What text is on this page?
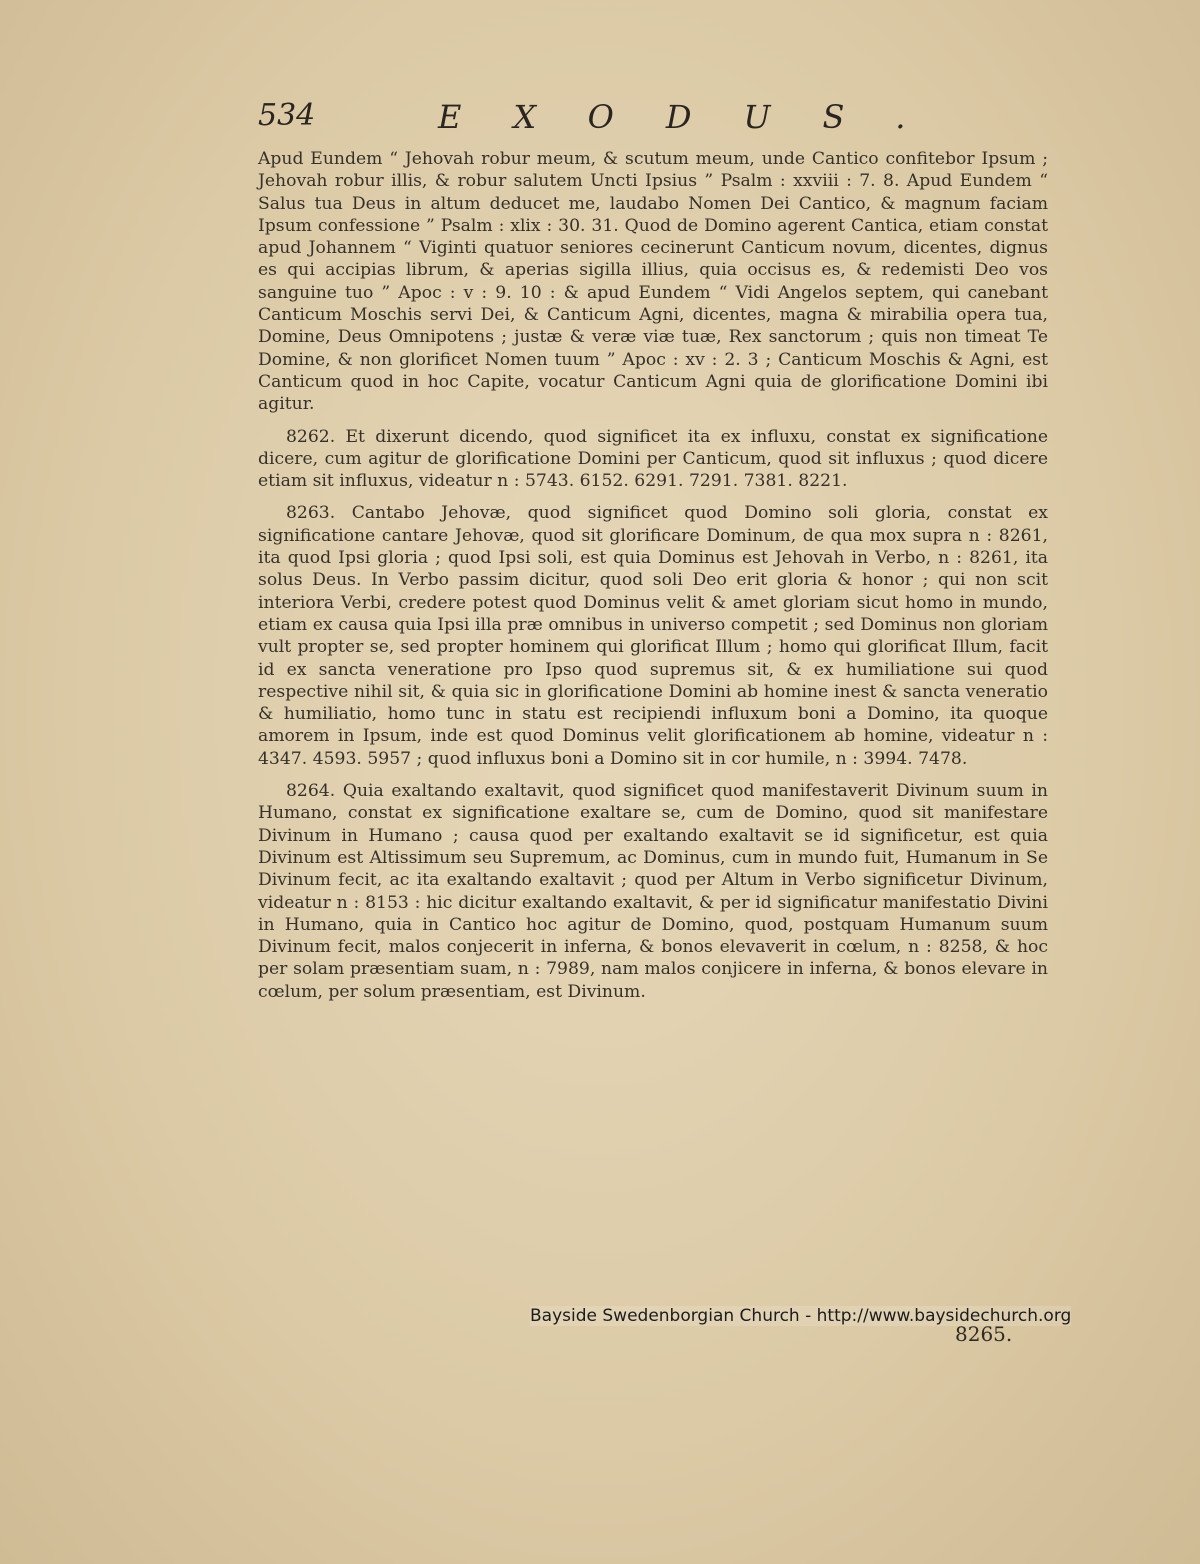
534	EXODUS.

Apud Eundem “ Jehovah robur meum, & scutum meum, unde Cantico confitebor Ipsum ; Jehovah robur illis, & robur salutem Uncti Ipsius ” Psalm : xxviii : 7. 8. Apud Eundem “ Salus tua Deus in altum deducet me, laudabo Nomen Dei Cantico, & magnum faciam Ipsum confessione ” Psalm : xlix : 30. 31. Quod de Domino agerent Cantica, etiam constat apud Johannem “ Viginti quatuor seniores cecinerunt Canticum novum, dicentes, dignus es qui accipias librum, & aperias sigilla illius, quia occisus es, & redemisti Deo vos sanguine tuo ” Apoc : v : 9. 10 : & apud Eundem “ Vidi Angelos septem, qui canebant Canticum Moschis servi Dei, & Canticum Agni, dicentes, magna & mirabilia opera tua, Domine, Deus Omnipotens ; justæ & veræ viæ tuæ, Rex sanctorum ; quis non timeat Te Domine, & non glorificet Nomen tuum ” Apoc : xv : 2. 3 ; Canticum Moschis & Agni, est Canticum quod in hoc Capite, vocatur Canticum Agni quia de glorificatione Domini ibi agitur.

8262. Et dixerunt dicendo, quod significet ita ex influxu, constat ex significatione dicere, cum agitur de glorificatione Domini per Canticum, quod sit influxus ; quod dicere etiam sit influxus, videatur n : 5743. 6152. 6291. 7291. 7381. 8221.

8263. Cantabo Jehovæ, quod significet quod Domino soli gloria, constat ex significatione cantare Jehovæ, quod sit glorificare Dominum, de qua mox supra n : 8261, ita quod Ipsi gloria ; quod Ipsi soli, est quia Dominus est Jehovah in Verbo, n : 8261, ita solus Deus. In Verbo passim dicitur, quod soli Deo erit gloria & honor ; qui non scit interiora Verbi, credere potest quod Dominus velit & amet gloriam sicut homo in mundo, etiam ex causa quia Ipsi illa præ omnibus in universo competit ; sed Dominus non gloriam vult propter se, sed propter hominem qui glorificat Illum ; homo qui glorificat Illum, facit id ex sancta veneratione pro Ipso quod supremus sit, & ex humiliatione sui quod respective nihil sit, & quia sic in glorificatione Domini ab homine inest & sancta veneratio & humiliatio, homo tunc in statu est recipiendi influxum boni a Domino, ita quoque amorem in Ipsum, inde est quod Dominus velit glorificationem ab homine, videatur n : 4347. 4593. 5957 ; quod influxus boni a Domino sit in cor humile, n : 3994. 7478.

8264. Quia exaltando exaltavit, quod significet quod manifestaverit Divinum suum in Humano, constat ex significatione exaltare se, cum de Domino, quod sit manifestare Divinum in Humano ; causa quod per exaltando exaltavit se id significetur, est quia Divinum est Altissimum seu Supremum, ac Dominus, cum in mundo fuit, Humanum in Se Divinum fecit, ac ita exaltando exaltavit ; quod per Altum in Verbo significetur Divinum, videatur n : 8153 : hic dicitur exaltando exaltavit, & per id significatur manifestatio Divini in Humano, quia in Cantico hoc agitur de Domino, quod, postquam Humanum suum Divinum fecit, malos conjecerit in inferna, & bonos elevaverit in cœlum, n : 8258, & hoc per solam præsentiam suam, n : 7989, nam malos conjicere in inferna, & bonos elevare in cœlum, per solum præsentiam, est Divinum.

8265.
Bayside Swedenborgian Church - http://www.baysidechurch.org
